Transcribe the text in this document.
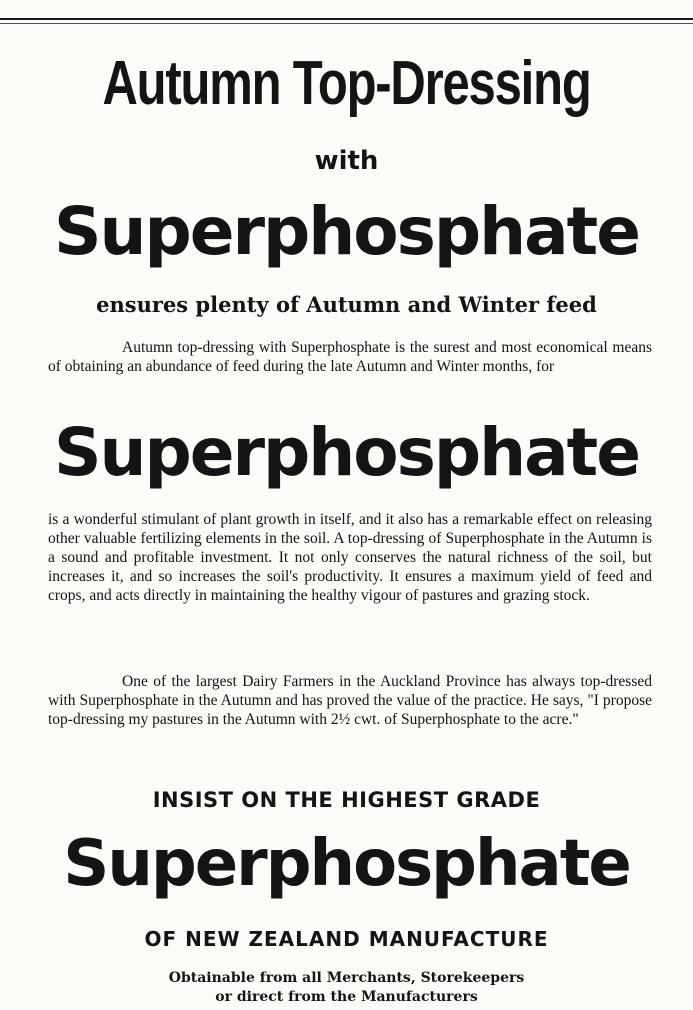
Autumn Top-Dressing
with
Superphosphate
ensures plenty of Autumn and Winter feed
Autumn top-dressing with Superphosphate is the surest and most economical means of obtaining an abundance of feed during the late Autumn and Winter months, for
Superphosphate
is a wonderful stimulant of plant growth in itself, and it also has a remarkable effect on releasing other valuable fertilizing elements in the soil. A top-dressing of Superphosphate in the Autumn is a sound and profitable investment. It not only conserves the natural richness of the soil, but increases it, and so increases the soil's productivity. It ensures a maximum yield of feed and crops, and acts directly in maintaining the healthy vigour of pastures and grazing stock.
One of the largest Dairy Farmers in the Auckland Province has always top-dressed with Superphosphate in the Autumn and has proved the value of the practice. He says, "I propose top-dressing my pastures in the Autumn with 2½ cwt. of Superphosphate to the acre."
INSIST ON THE HIGHEST GRADE
Superphosphate
OF NEW ZEALAND MANUFACTURE
Obtainable from all Merchants, Storekeepers
or direct from the Manufacturers
